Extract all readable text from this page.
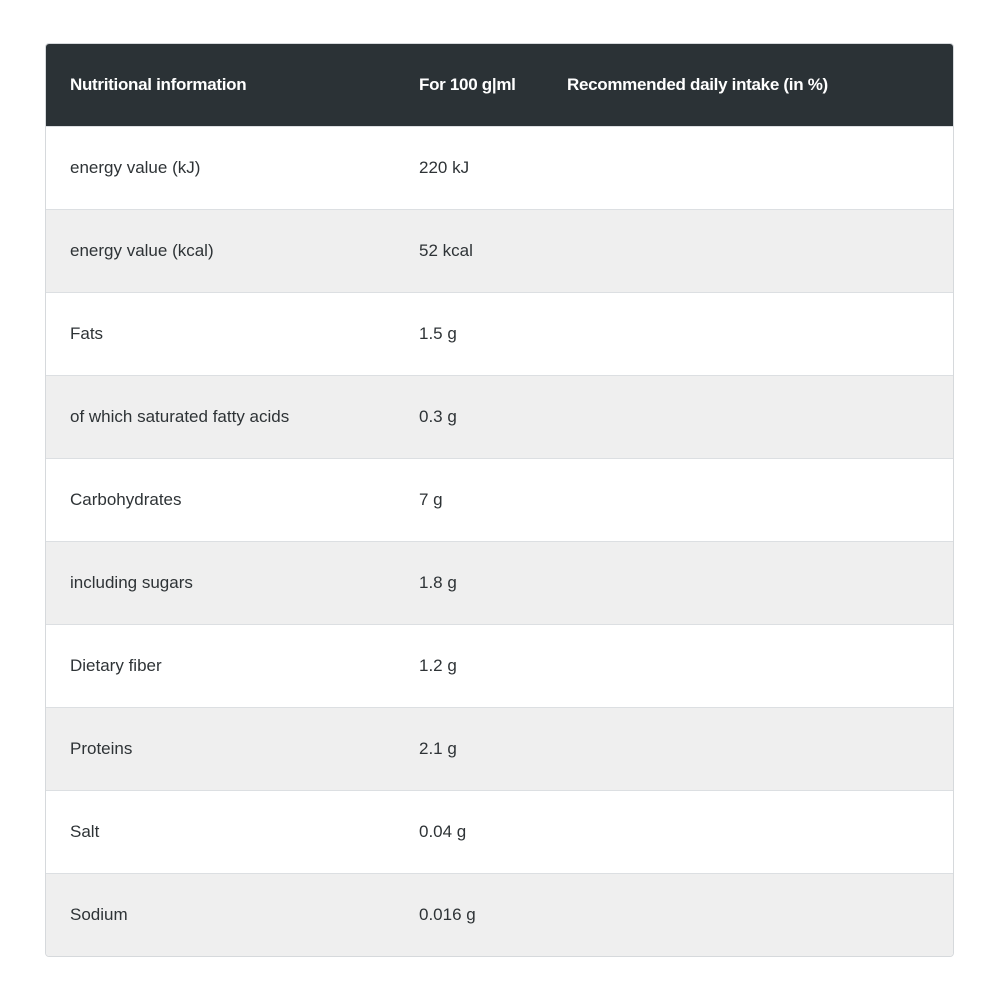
Nutritional information	For 100 g|ml	Recommended daily intake (in %)
energy value (kJ)	220 kJ	
energy value (kcal)	52 kcal	
Fats	1.5 g	
of which saturated fatty acids	0.3 g	
Carbohydrates	7 g	
including sugars	1.8 g	
Dietary fiber	1.2 g	
Proteins	2.1 g	
Salt	0.04 g	
Sodium	0.016 g	
